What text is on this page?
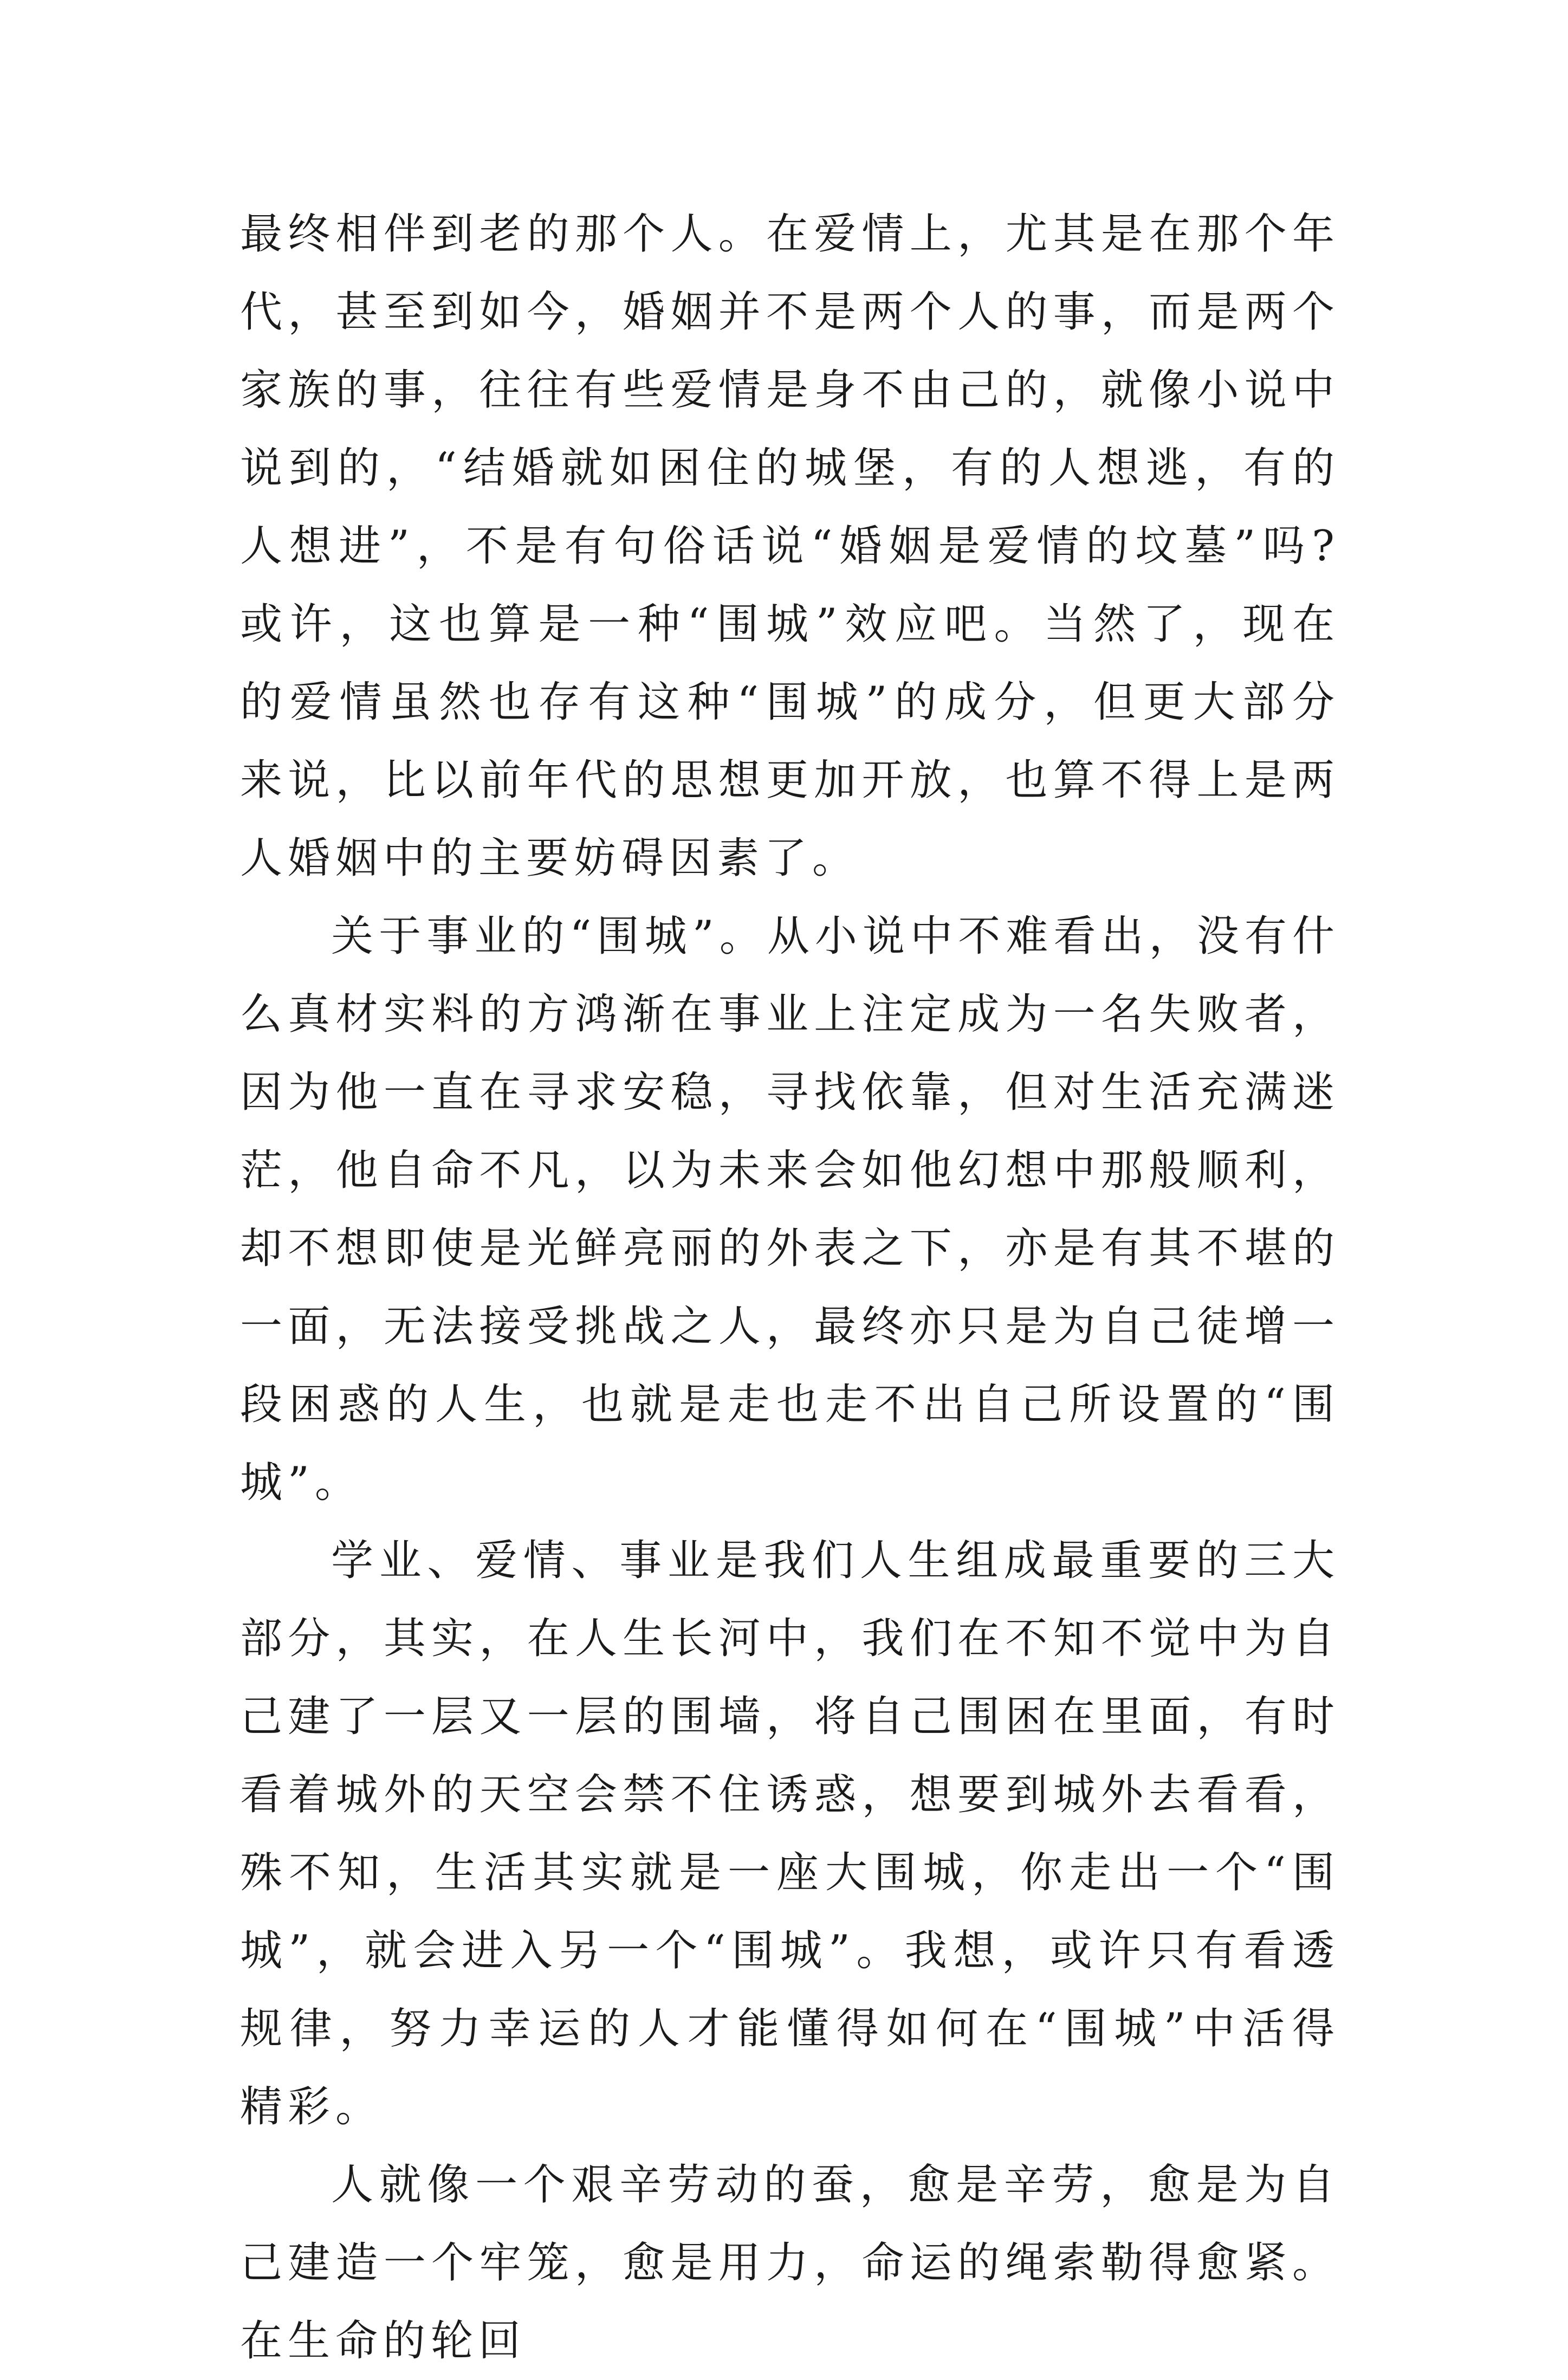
最终相伴到老的那个人。在爱情上，尤其是在那个年代，甚至到如今，婚姻并不是两个人的事，而是两个家族的事，往往有些爱情是身不由己的，就像小说中说到的，“结婚就如困住的城堡，有的人想逃，有的人想进”，不是有句俗话说“婚姻是爱情的坟墓”吗?或许，这也算是一种“围城”效应吧。当然了，现在的爱情虽然也存有这种“围城”的成分，但更大部分来说，比以前年代的思想更加开放，也算不得上是两人婚姻中的主要妨碍因素了。

关于事业的“围城”。从小说中不难看出，没有什么真材实料的方鸿渐在事业上注定成为一名失败者，因为他一直在寻求安稳，寻找依靠，但对生活充满迷茫，他自命不凡，以为未来会如他幻想中那般顺利，却不想即使是光鲜亮丽的外表之下，亦是有其不堪的一面，无法接受挑战之人，最终亦只是为自己徒增一段困惑的人生，也就是走也走不出自己所设置的“围城”。

学业、爱情、事业是我们人生组成最重要的三大部分，其实，在人生长河中，我们在不知不觉中为自己建了一层又一层的围墙，将自己围困在里面，有时看着城外的天空会禁不住诱惑，想要到城外去看看，殊不知，生活其实就是一座大围城，你走出一个“围城”，就会进入另一个“围城”。我想，或许只有看透规律，努力幸运的人才能懂得如何在“围城”中活得精彩。

人就像一个艰辛劳动的蚕，愈是辛劳，愈是为自己建造一个牢笼，愈是用力，命运的绳索勒得愈紧。在生命的轮回
